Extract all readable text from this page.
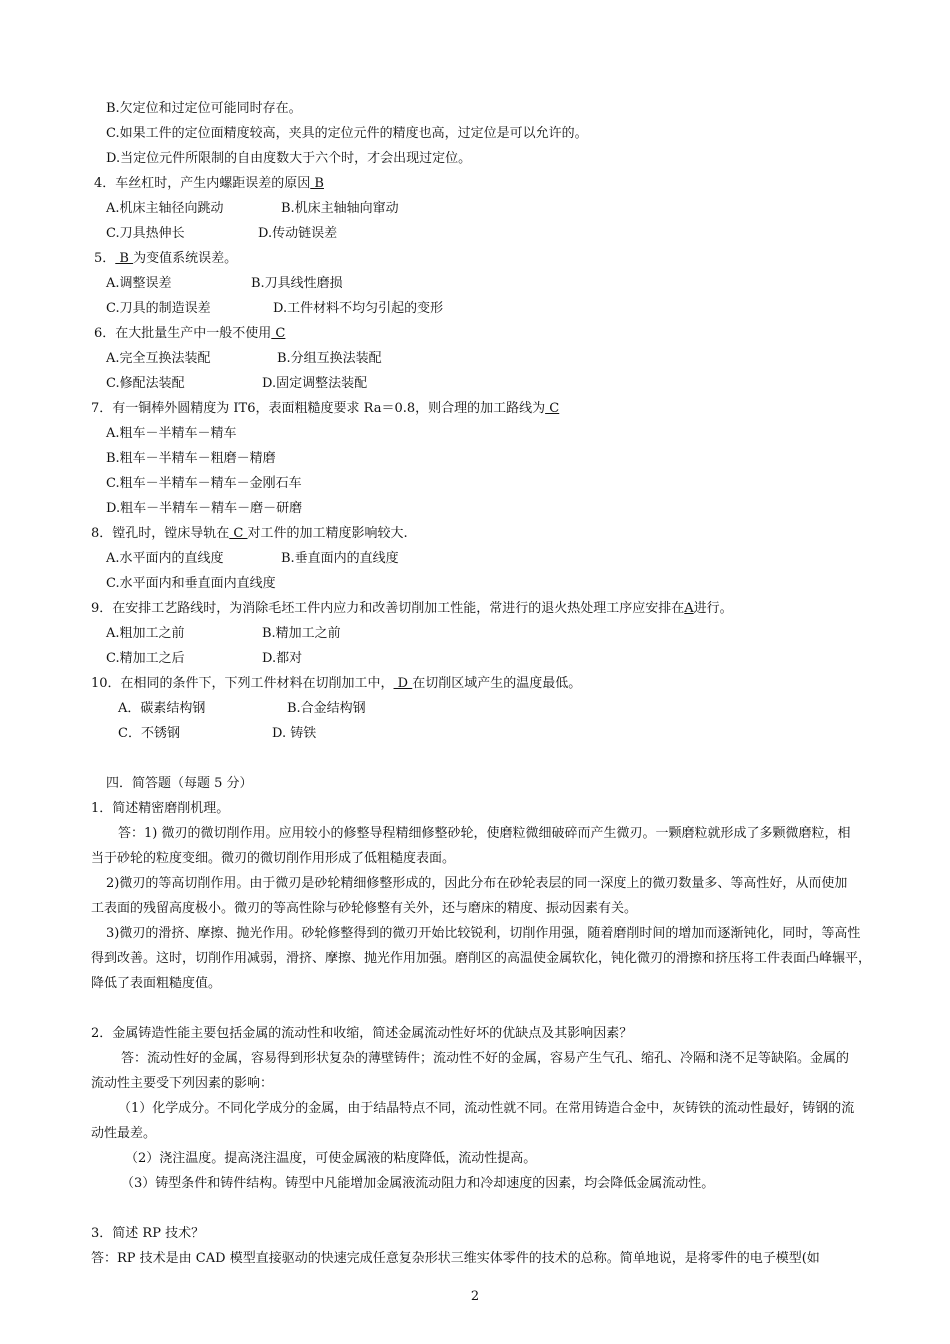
B.欠定位和过定位可能同时存在。
C.如果工件的定位面精度较高，夹具的定位元件的精度也高，过定位是可以允许的。
D.当定位元件所限制的自由度数大于六个时，才会出现过定位。
4．车丝杠时，产生内螺距误差的原因 B
A.机床主轴径向跳动	B.机床主轴轴向窜动
C.刀具热伸长	D.传动链误差
5． B 为变值系统误差。
A.调整误差	B.刀具线性磨损
C.刀具的制造误差	D.工件材料不均匀引起的变形
6．在大批量生产中一般不使用 C
A.完全互换法装配	B.分组互换法装配
C.修配法装配	D.固定调整法装配
7．有一铜棒外圆精度为 IT6，表面粗糙度要求 Ra＝0.8，则合理的加工路线为 C
A.粗车－半精车－精车
B.粗车－半精车－粗磨－精磨
C.粗车－半精车－精车－金刚石车
D.粗车－半精车－精车－磨－研磨
8．镗孔时，镗床导轨在 C 对工件的加工精度影响较大.
A.水平面内的直线度	B.垂直面内的直线度
C.水平面内和垂直面内直线度
9．在安排工艺路线时，为消除毛坯工件内应力和改善切削加工性能，常进行的退火热处理工序应安排在A进行。
A.粗加工之前	B.精加工之前
C.精加工之后	D.都对
10．在相同的条件下，下列工件材料在切削加工中， D 在切削区域产生的温度最低。
A．碳素结构钢	B.合金结构钢
C．不锈钢	D. 铸铁
四．简答题（每题 5 分）
1．简述精密磨削机理。
答：1) 微刃的微切削作用。应用较小的修整导程精细修整砂轮，使磨粒微细破碎而产生微刃。一颗磨粒就形成了多颗微磨粒，相
当于砂轮的粒度变细。微刃的微切削作用形成了低粗糙度表面。
2)微刃的等高切削作用。由于微刃是砂轮精细修整形成的，因此分布在砂轮表层的同一深度上的微刃数量多、等高性好，从而使加
工表面的残留高度极小。微刃的等高性除与砂轮修整有关外，还与磨床的精度、振动因素有关。
3)微刃的滑挤、摩擦、抛光作用。砂轮修整得到的微刃开始比较锐利，切削作用强，随着磨削时间的增加而逐渐钝化，同时，等高性
得到改善。这时，切削作用减弱，滑挤、摩擦、抛光作用加强。磨削区的高温使金属软化，钝化微刃的滑擦和挤压将工件表面凸峰辗平，
降低了表面粗糙度值。
2．金属铸造性能主要包括金属的流动性和收缩，简述金属流动性好坏的优缺点及其影响因素？
答：流动性好的金属，容易得到形状复杂的薄壁铸件；流动性不好的金属，容易产生气孔、缩孔、冷隔和浇不足等缺陷。金属的
流动性主要受下列因素的影响：
（1）化学成分。不同化学成分的金属，由于结晶特点不同，流动性就不同。在常用铸造合金中，灰铸铁的流动性最好，铸钢的流
动性最差。
（2）浇注温度。提高浇注温度，可使金属液的粘度降低，流动性提高。
（3）铸型条件和铸件结构。铸型中凡能增加金属液流动阻力和冷却速度的因素，均会降低金属流动性。
3．简述 RP 技术？
答：RP 技术是由 CAD 模型直接驱动的快速完成任意复杂形状三维实体零件的技术的总称。简单地说，是将零件的电子模型(如
2
